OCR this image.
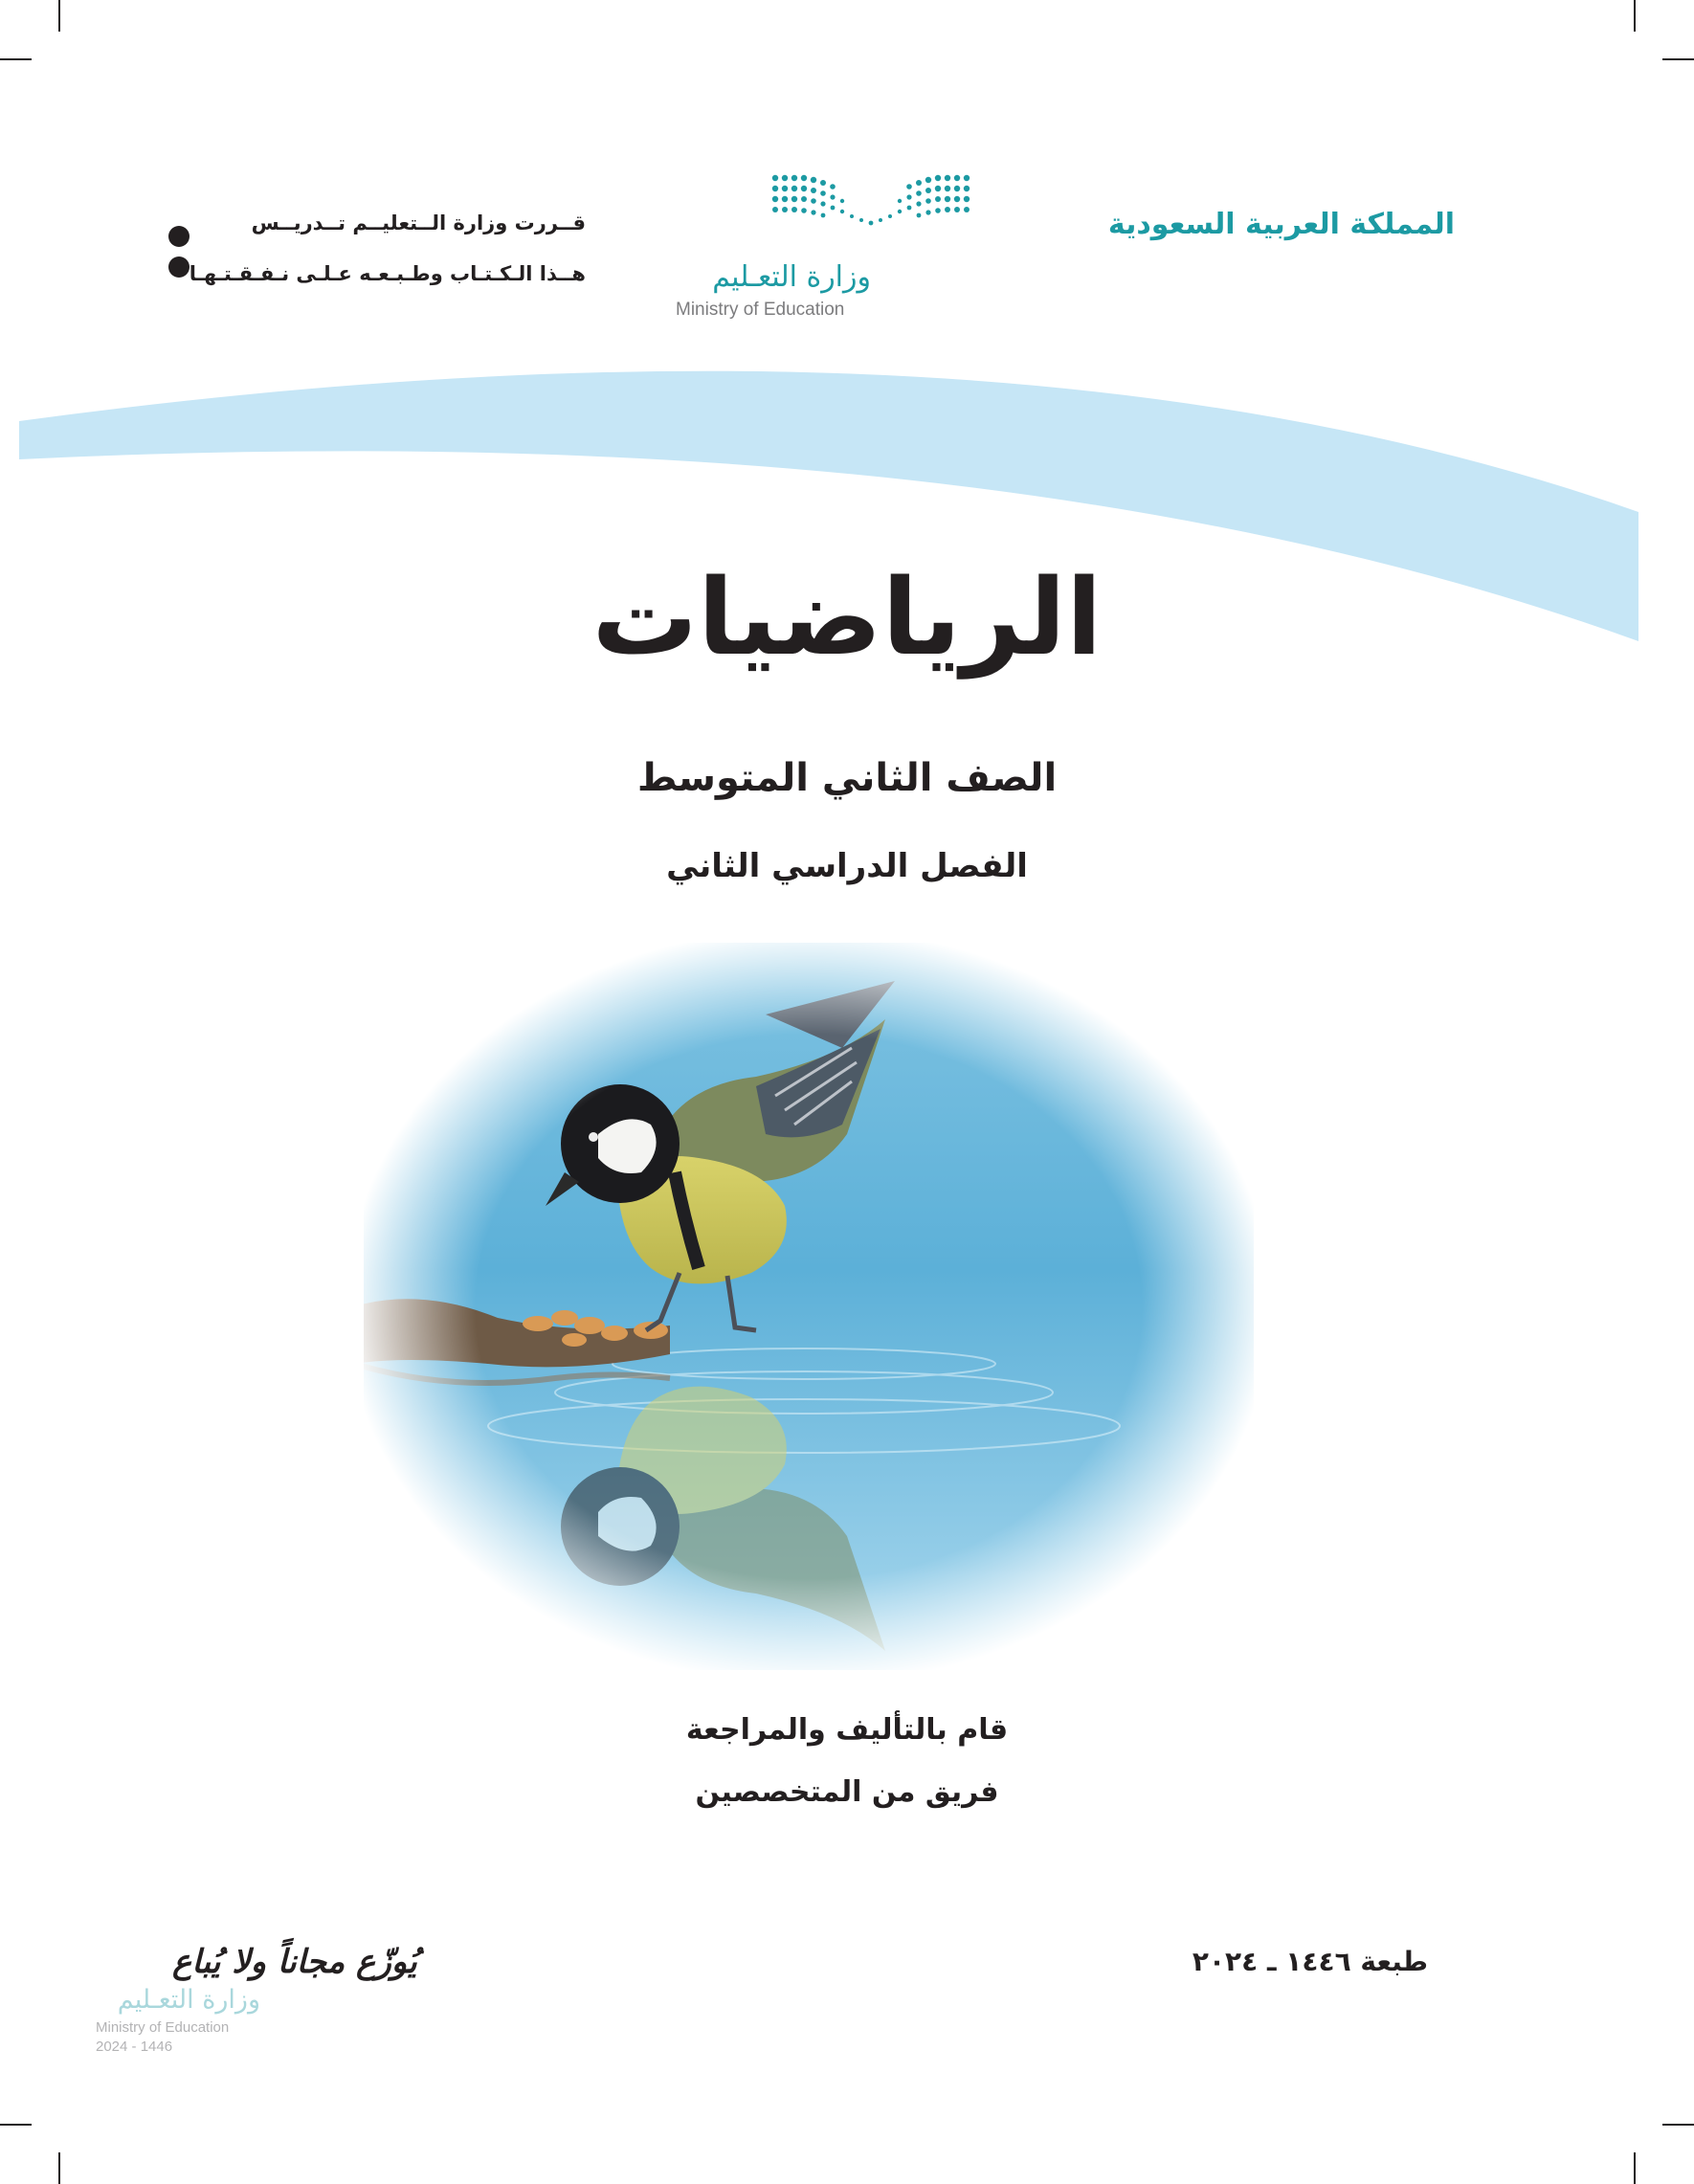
المملكة العربية السعودية
وزارة التعـليم
Ministry of Education
قــررت وزارة الــتعليــم تــدريــس
هــذا الـكـتـاب وطـبـعـه عـلـى نـفـقـتـهـا
الرياضيات
الصف الثاني المتوسط
الفصل الدراسي الثاني
قام بالتأليف والمراجعة
فريق من المتخصصين
طبعة ١٤٤٦ ـ ٢٠٢٤
يُوزّع مجاناً ولا يُباع
وزارة التعـليم
Ministry of Education
2024 - 1446
